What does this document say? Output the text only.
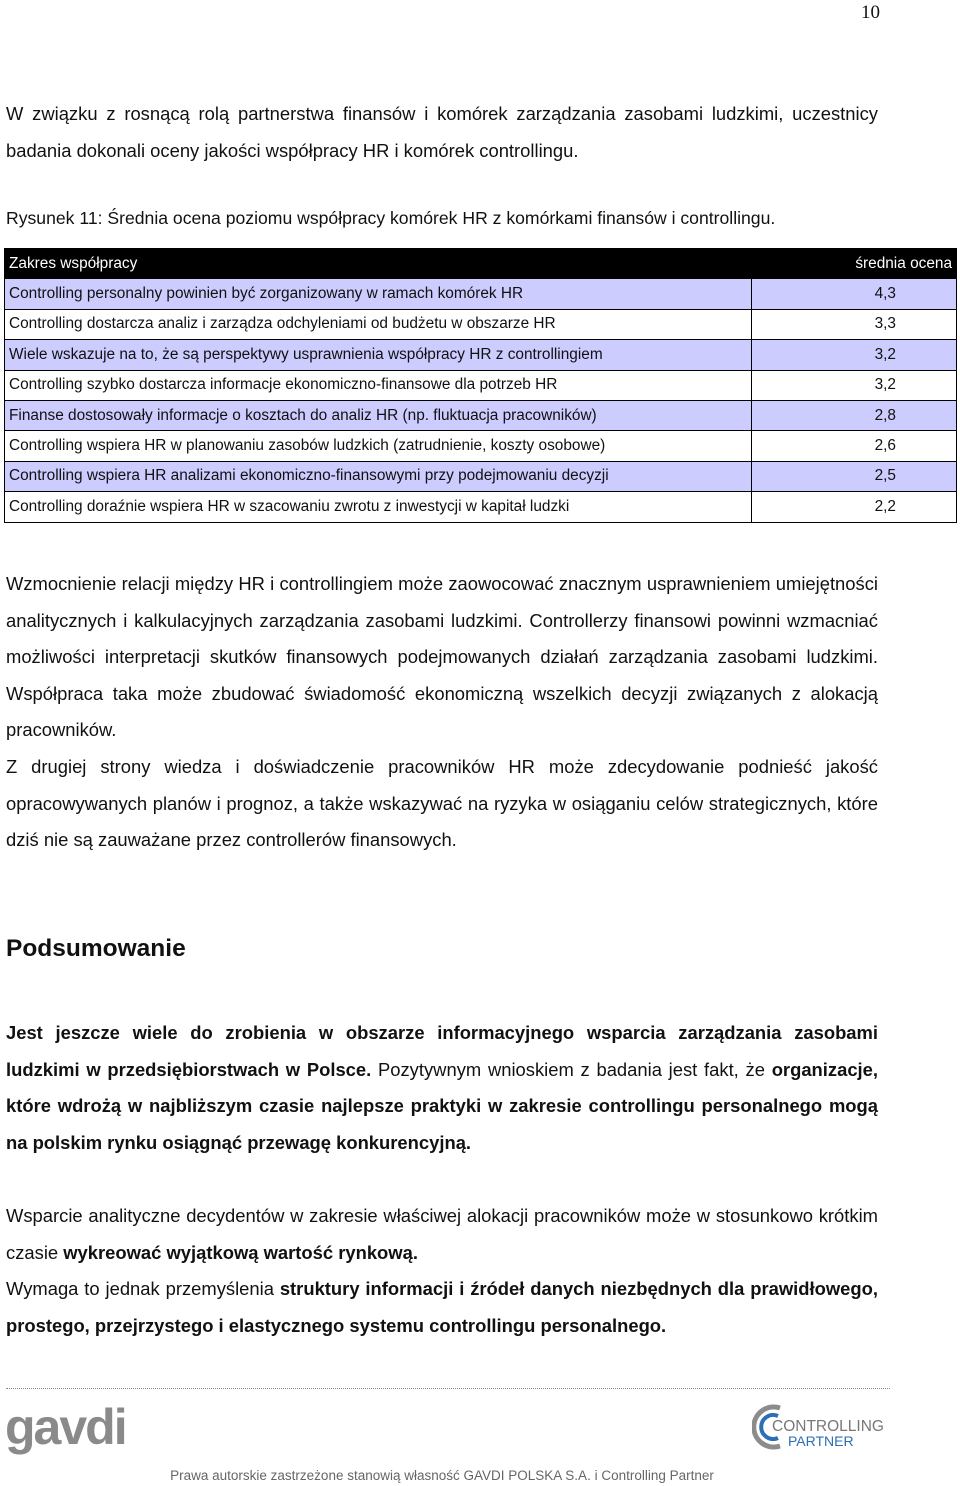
10

W związku z rosnącą rolą partnerstwa finansów i komórek zarządzania zasobami ludzkimi, uczestnicy badania dokonali oceny jakości współpracy HR i komórek controllingu.

Rysunek 11: Średnia ocena poziomu współpracy komórek HR z komórkami finansów i controllingu.
Zakres współpracy	średnia ocena
Controlling personalny powinien być zorganizowany w ramach komórek HR	4,3
Controlling dostarcza analiz i zarządza odchyleniami od budżetu w obszarze HR	3,3
Wiele wskazuje na to, że są perspektywy usprawnienia współpracy HR z controllingiem	3,2
Controlling szybko dostarcza informacje ekonomiczno-finansowe dla potrzeb HR	3,2
Finanse dostosowały informacje o kosztach do analiz HR (np. fluktuacja pracowników)	2,8
Controlling wspiera HR w planowaniu zasobów ludzkich (zatrudnienie, koszty osobowe)	2,6
Controlling wspiera HR analizami ekonomiczno-finansowymi przy podejmowaniu decyzji	2,5
Controlling doraźnie wspiera HR w szacowaniu zwrotu z inwestycji w kapitał ludzki	2,2

Wzmocnienie relacji między HR i controllingiem może zaowocować znacznym usprawnieniem umiejętności analitycznych i kalkulacyjnych zarządzania zasobami ludzkimi. Controllerzy finansowi powinni wzmacniać możliwości interpretacji skutków finansowych podejmowanych działań zarządzania zasobami ludzkimi. Współpraca taka może zbudować świadomość ekonomiczną wszelkich decyzji związanych z alokacją pracowników.

Z drugiej strony wiedza i doświadczenie pracowników HR może zdecydowanie podnieść jakość opracowywanych planów i prognoz, a także wskazywać na ryzyka w osiąganiu celów strategicznych, które dziś nie są zauważane przez controllerów finansowych.

Podsumowanie

Jest jeszcze wiele do zrobienia w obszarze informacyjnego wsparcia zarządzania zasobami ludzkimi w przedsiębiorstwach w Polsce. Pozytywnym wnioskiem z badania jest fakt, że organizacje, które wdrożą w najbliższym czasie najlepsze praktyki w zakresie controllingu personalnego mogą na polskim rynku osiągnąć przewagę konkurencyjną.

Wsparcie analityczne decydentów w zakresie właściwej alokacji pracowników może w stosunkowo krótkim czasie wykreować wyjątkową wartość rynkową.

Wymaga to jednak przemyślenia struktury informacji i źródeł danych niezbędnych dla prawidłowego, prostego, przejrzystego i elastycznego systemu controllingu personalnego.

gavdi	CONTROLLING
PARTNER
Prawa autorskie zastrzeżone stanowią własność GAVDI POLSKA S.A. i Controlling Partner
